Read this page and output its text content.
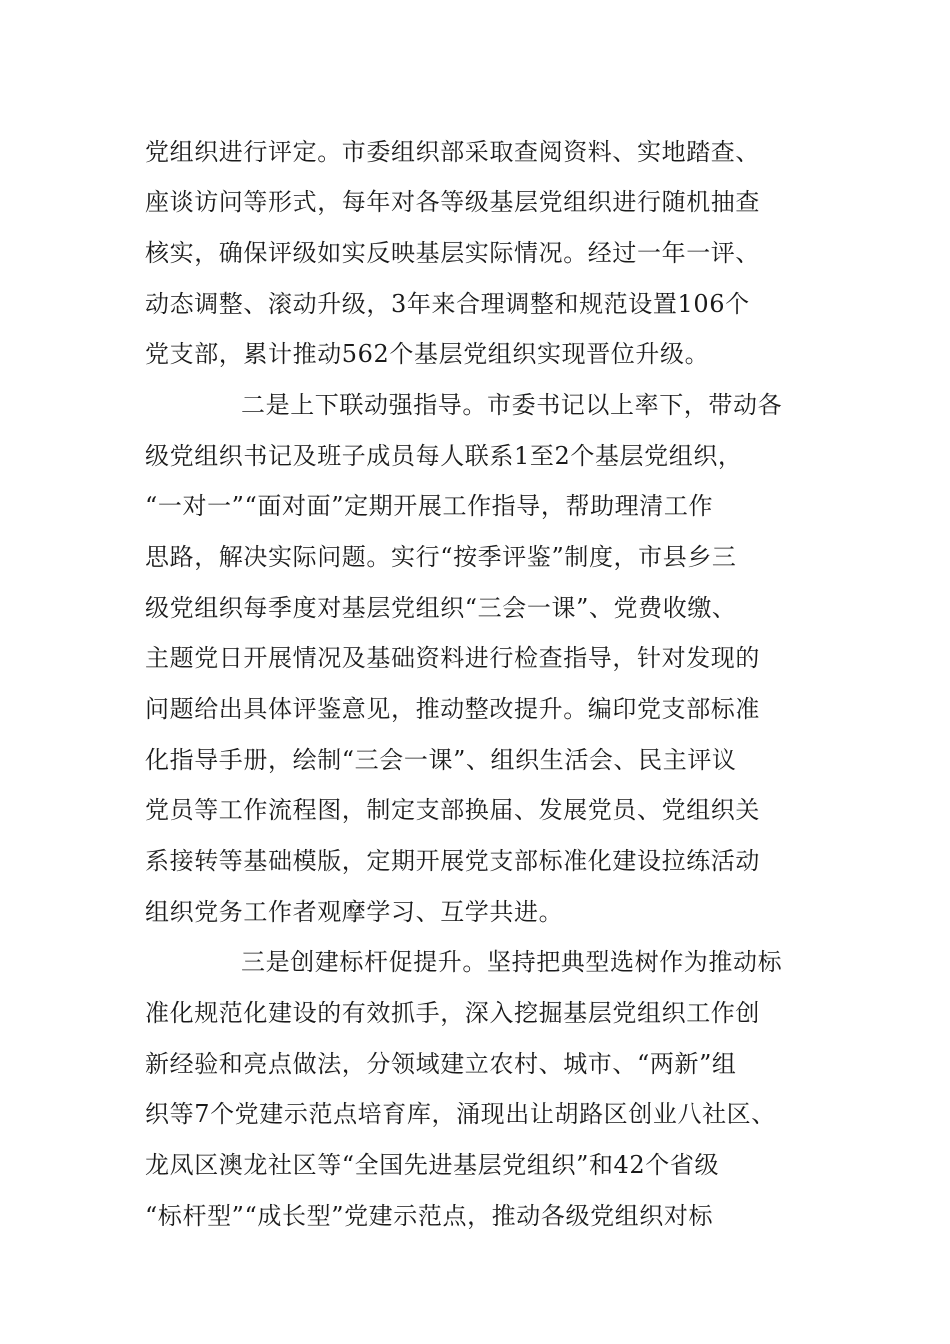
党组织进行评定。市委组织部采取查阅资料、实地踏查、
座谈访问等形式，每年对各等级基层党组织进行随机抽查
核实，确保评级如实反映基层实际情况。经过一年一评、
动态调整、滚动升级，3年来合理调整和规范设置106个
党支部，累计推动562个基层党组织实现晋位升级。
二是上下联动强指导。市委书记以上率下，带动各
级党组织书记及班子成员每人联系1至2个基层党组织，
“一对一”“面对面”定期开展工作指导，帮助理清工作
思路，解决实际问题。实行“按季评鉴”制度，市县乡三
级党组织每季度对基层党组织“三会一课”、党费收缴、
主题党日开展情况及基础资料进行检查指导，针对发现的
问题给出具体评鉴意见，推动整改提升。编印党支部标准
化指导手册，绘制“三会一课”、组织生活会、民主评议
党员等工作流程图，制定支部换届、发展党员、党组织关
系接转等基础模版，定期开展党支部标准化建设拉练活动
组织党务工作者观摩学习、互学共进。
三是创建标杆促提升。坚持把典型选树作为推动标
准化规范化建设的有效抓手，深入挖掘基层党组织工作创
新经验和亮点做法，分领域建立农村、城市、“两新”组
织等7个党建示范点培育库，涌现出让胡路区创业八社区、
龙凤区澳龙社区等“全国先进基层党组织”和42个省级
“标杆型”“成长型”党建示范点，推动各级党组织对标
